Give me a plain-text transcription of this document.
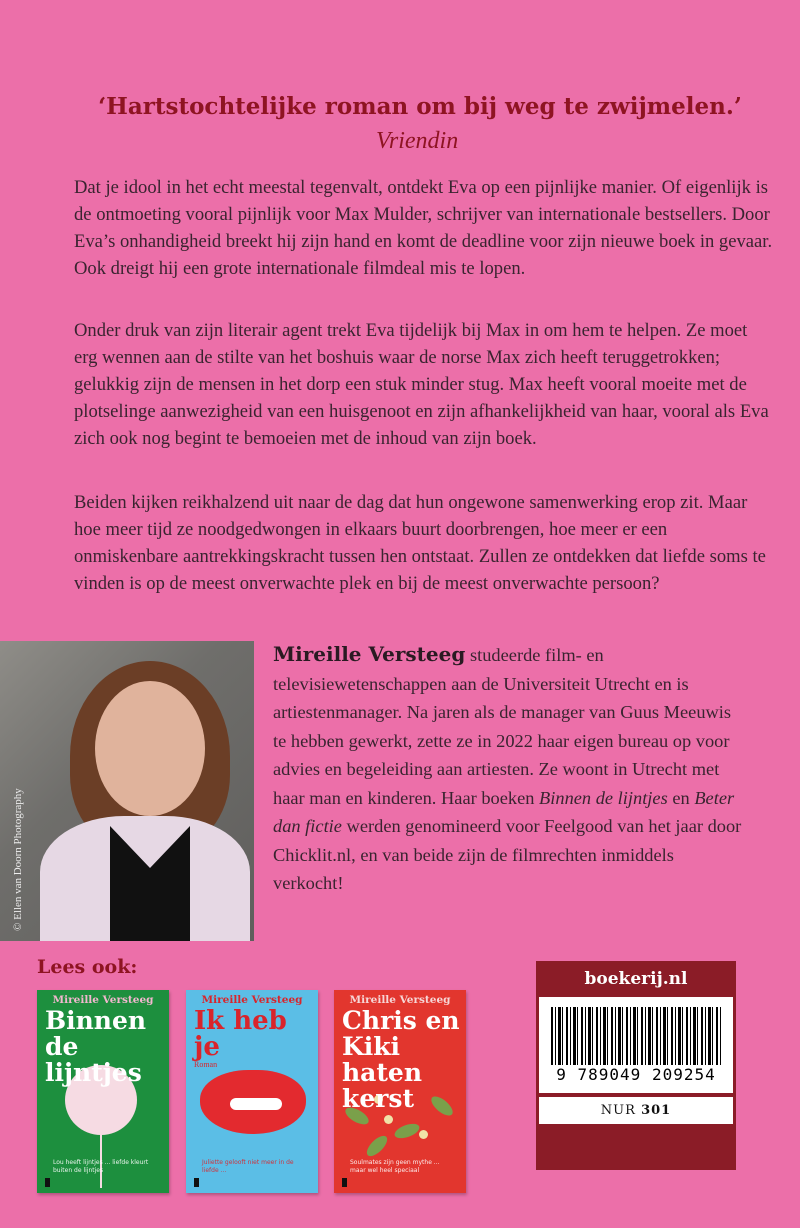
‘Hartstochtelijke roman om bij weg te zwijmelen.’
Vriendin

Dat je idool in het echt meestal tegenvalt, ontdekt Eva op een pijnlijke manier. Of eigenlijk is de ontmoeting vooral pijnlijk voor Max Mulder, schrijver van internationale bestsellers. Door Eva’s onhandigheid breekt hij zijn hand en komt de deadline voor zijn nieuwe boek in gevaar. Ook dreigt hij een grote internationale filmdeal mis te lopen.

Onder druk van zijn literair agent trekt Eva tijdelijk bij Max in om hem te helpen. Ze moet erg wennen aan de stilte van het boshuis waar de norse Max zich heeft teruggetrokken; gelukkig zijn de mensen in het dorp een stuk minder stug. Max heeft vooral moeite met de plotselinge aanwezigheid van een huisgenoot en zijn afhankelijkheid van haar, vooral als Eva zich ook nog begint te bemoeien met de inhoud van zijn boek.

Beiden kijken reikhalzend uit naar de dag dat hun ongewone samenwerking erop zit. Maar hoe meer tijd ze noodgedwongen in elkaars buurt doorbrengen, hoe meer er een onmiskenbare aantrekkingskracht tussen hen ontstaat. Zullen ze ontdekken dat liefde soms te vinden is op de meest onverwachte plek en bij de meest onverwachte persoon?

© Ellen van Doorn Photography

Mireille Versteeg studeerde film- en televisiewetenschappen aan de Universiteit Utrecht en is artiestenmanager. Na jaren als de manager van Guus Meeuwis te hebben gewerkt, zette ze in 2022 haar eigen bureau op voor advies en begeleiding aan artiesten. Ze woont in Utrecht met haar man en kinderen. Haar boeken Binnen de lijntjes en Beter dan fictie werden genomineerd voor Feelgood van het jaar door Chicklit.nl, en van beide zijn de filmrechten inmiddels verkocht!

Lees ook:
Mireille Versteeg
Binnen de lijntjes
Lou heeft lijntjes ... liefde kleurt buiten de lijntjes
Mireille Versteeg
Ik heb je
Roman
Juliette gelooft niet meer in de liefde ...
Mireille Versteeg
Chris en Kiki haten kerst
Soulmates zijn geen mythe ... maar wel heel speciaal
boekerij.nl
9 789049 209254
NUR 301
